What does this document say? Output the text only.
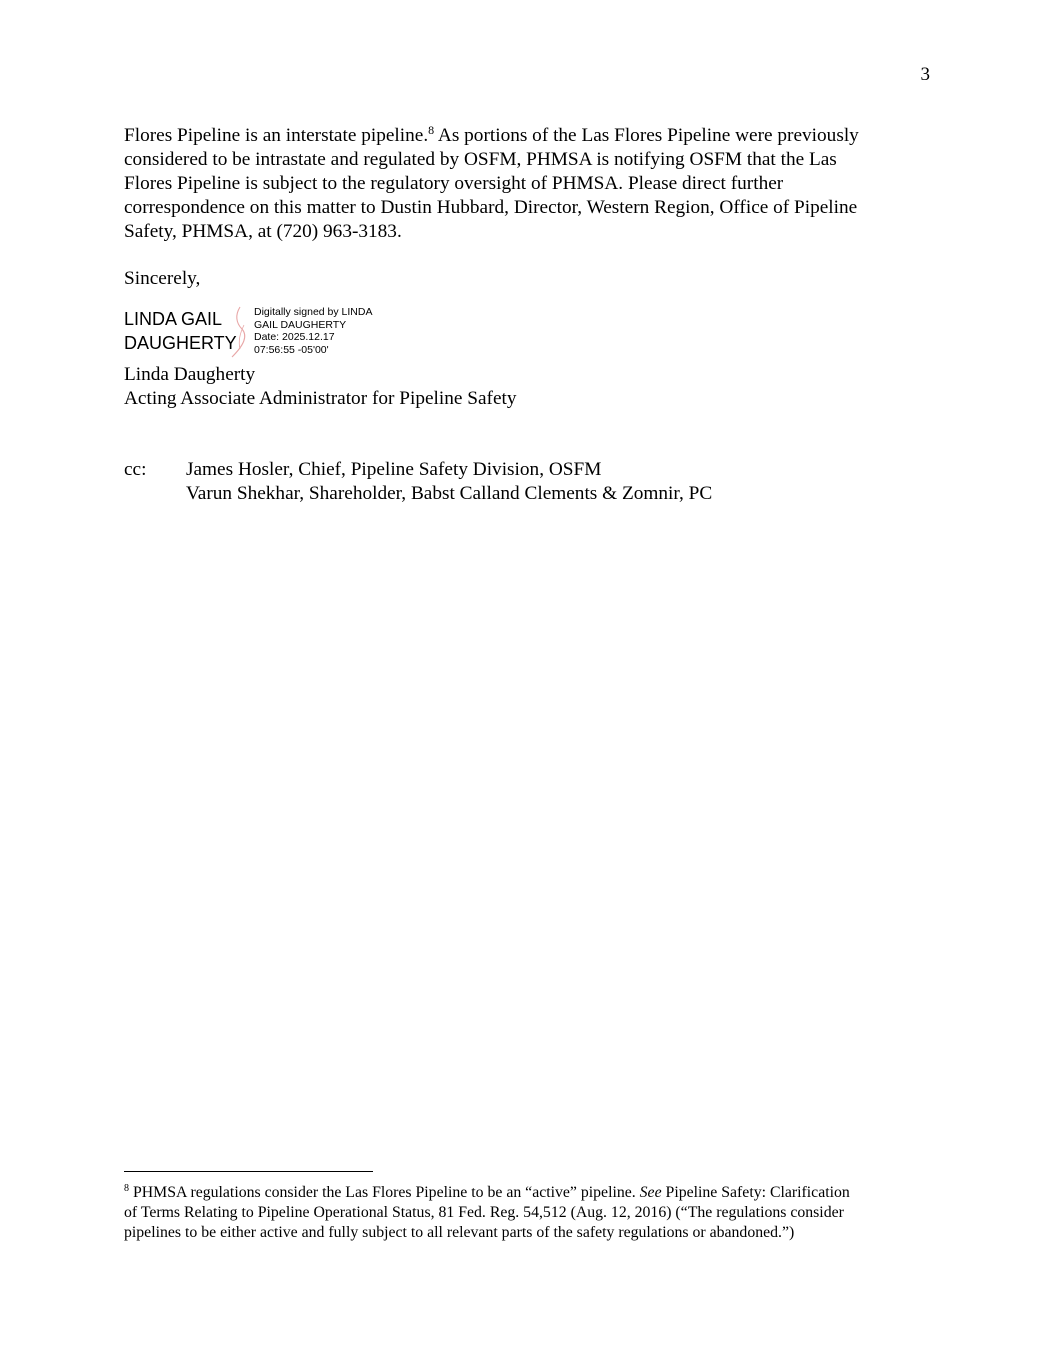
3
Flores Pipeline is an interstate pipeline.$^8$ As portions of the Las Flores Pipeline were previously
considered to be intrastate and regulated by OSFM, PHMSA is notifying OSFM that the Las
Flores Pipeline is subject to the regulatory oversight of PHMSA. Please direct further
correspondence on this matter to Dustin Hubbard, Director, Western Region, Office of Pipeline
Safety, PHMSA, at (720) 963-3183.
Sincerely,
LINDA GAIL
DAUGHERTY
Digitally signed by LINDA
GAIL DAUGHERTY
Date: 2025.12.17
07:56:55 -05'00'
Linda Daugherty
Acting Associate Administrator for Pipeline Safety
cc: James Hosler, Chief, Pipeline Safety Division, OSFM
Varun Shekhar, Shareholder, Babst Calland Clements & Zomnir, PC
$^8$ PHMSA regulations consider the Las Flores Pipeline to be an “active” pipeline. See Pipeline Safety: Clarification
of Terms Relating to Pipeline Operational Status, 81 Fed. Reg. 54,512 (Aug. 12, 2016) (“The regulations consider
pipelines to be either active and fully subject to all relevant parts of the safety regulations or abandoned.”)
